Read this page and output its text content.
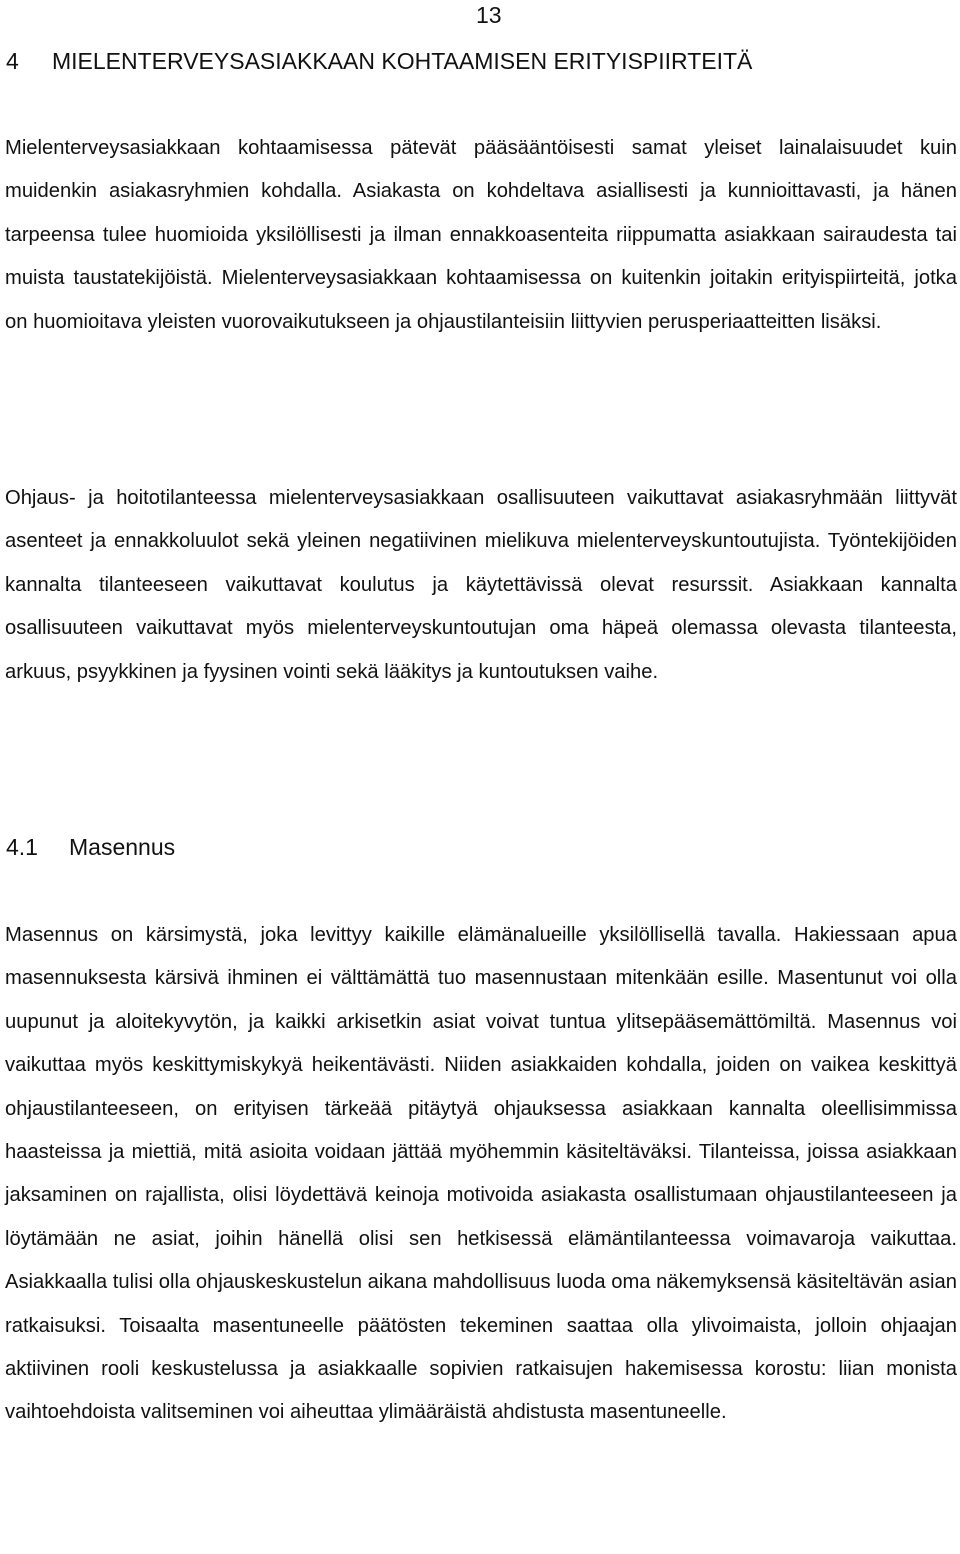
13
4 MIELENTERVEYSASIAKKAAN KOHTAAMISEN ERITYISPIIRTEITÄ

Mielenterveysasiakkaan kohtaamisessa pätevät pääsääntöisesti samat yleiset lainalaisuudet kuin muidenkin asiakasryhmien kohdalla. Asiakasta on kohdeltava asiallisesti ja kunnioittavasti, ja hänen tarpeensa tulee huomioida yksilöllisesti ja ilman ennakkoasenteita riippumatta asiakkaan sairaudesta tai muista taustatekijöistä. Mielenterveysasiakkaan kohtaamisessa on kuitenkin joitakin erityispiirteitä, jotka on huomioitava yleisten vuorovaikutukseen ja ohjaustilanteisiin liittyvien perusperiaatteitten lisäksi.

Ohjaus- ja hoitotilanteessa mielenterveysasiakkaan osallisuuteen vaikuttavat asiakasryhmään liittyvät asenteet ja ennakkoluulot sekä yleinen negatiivinen mielikuva mielenterveyskuntoutujista. Työntekijöiden kannalta tilanteeseen vaikuttavat koulutus ja käytettävissä olevat resurssit. Asiakkaan kannalta osallisuuteen vaikuttavat myös mielenterveyskuntoutujan oma häpeä olemassa olevasta tilanteesta, arkuus, psyykkinen ja fyysinen vointi sekä lääkitys ja kuntoutuksen vaihe.

4.1 Masennus

Masennus on kärsimystä, joka levittyy kaikille elämänalueille yksilöllisellä tavalla. Hakiessaan apua masennuksesta kärsivä ihminen ei välttämättä tuo masennustaan mitenkään esille. Masentunut voi olla uupunut ja aloitekyvytön, ja kaikki arkisetkin asiat voivat tuntua ylitsepääsemättömiltä. Masennus voi vaikuttaa myös keskittymiskykyä heikentävästi. Niiden asiakkaiden kohdalla, joiden on vaikea keskittyä ohjaustilanteeseen, on erityisen tärkeää pitäytyä ohjauksessa asiakkaan kannalta oleellisimmissa haasteissa ja miettiä, mitä asioita voidaan jättää myöhemmin käsiteltäväksi. Tilanteissa, joissa asiakkaan jaksaminen on rajallista, olisi löydettävä keinoja motivoida asiakasta osallistumaan ohjaustilanteeseen ja löytämään ne asiat, joihin hänellä olisi sen hetkisessä elämäntilanteessa voimavaroja vaikuttaa. Asiakkaalla tulisi olla ohjauskeskustelun aikana mahdollisuus luoda oma näkemyksensä käsiteltävän asian ratkaisuksi. Toisaalta masentuneelle päätösten tekeminen saattaa olla ylivoimaista, jolloin ohjaajan aktiivinen rooli keskustelussa ja asiakkaalle sopivien ratkaisujen hakemisessa korostu: liian monista vaihtoehdoista valitseminen voi aiheuttaa ylimääräistä ahdistusta masentuneelle.
